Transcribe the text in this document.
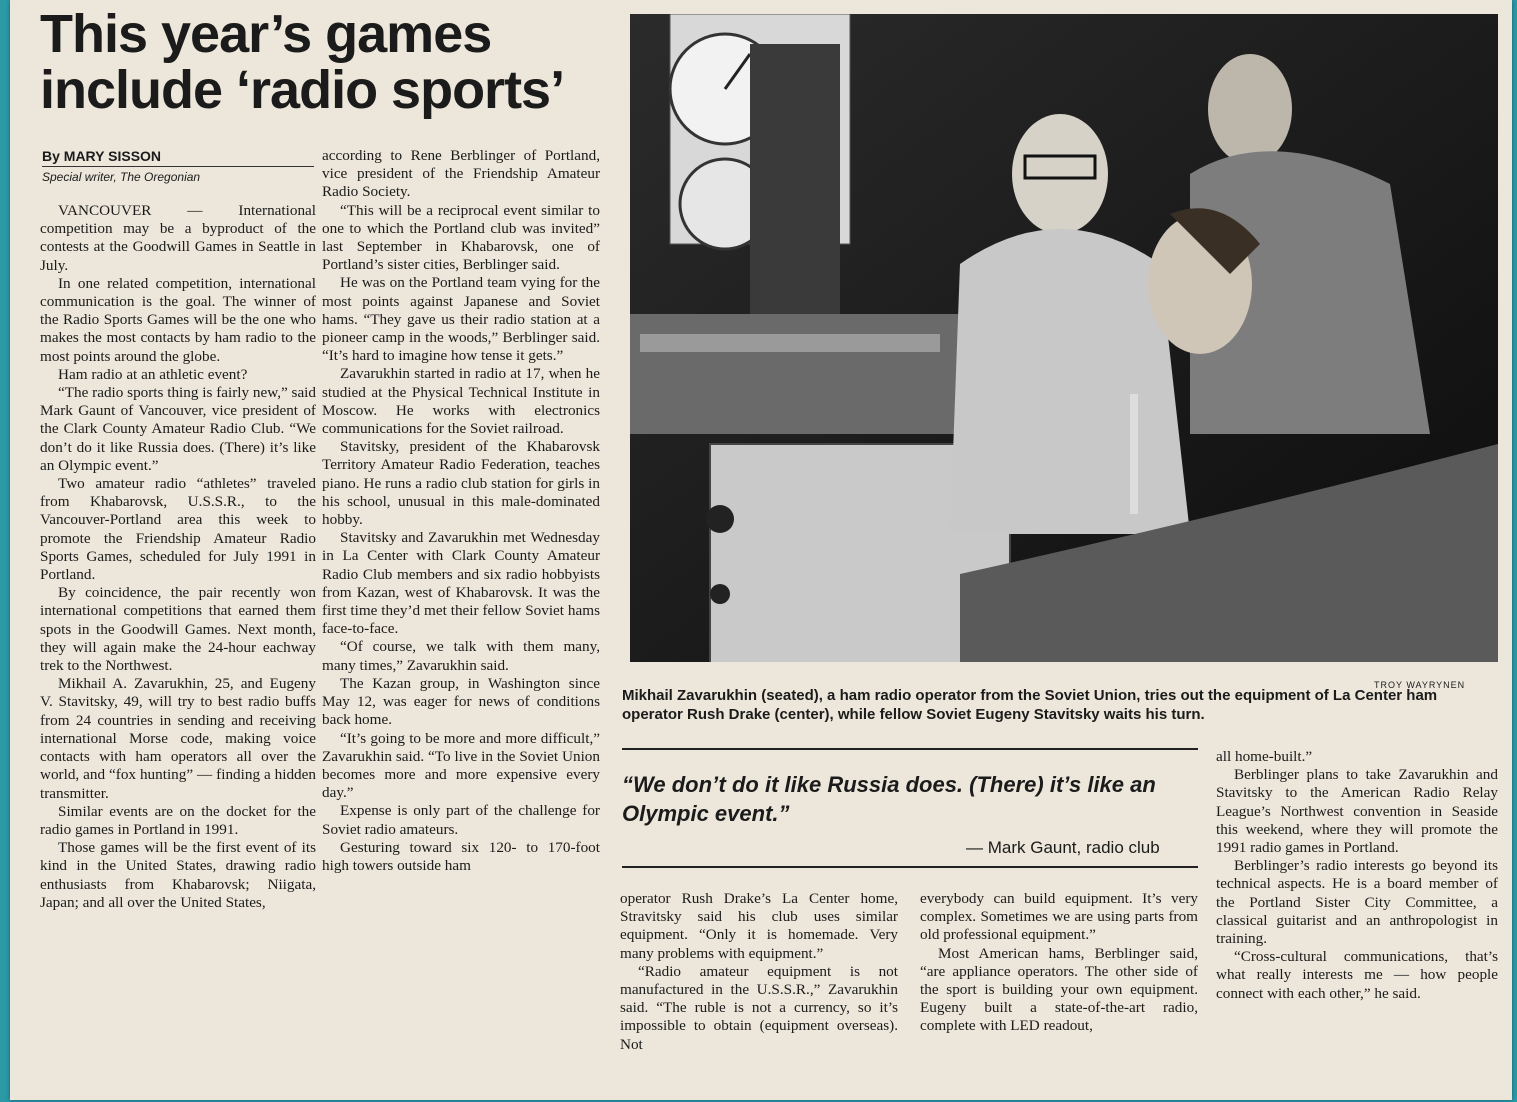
This year’s games
include ‘radio sports’
By MARY SISSON
Special writer, The Oregonian

VANCOUVER — International competition may be a byproduct of the contests at the Goodwill Games in Seattle in July.

In one related competition, international communication is the goal. The winner of the Radio Sports Games will be the one who makes the most contacts by ham radio to the most points around the globe.

Ham radio at an athletic event?

“The radio sports thing is fairly new,” said Mark Gaunt of Vancouver, vice president of the Clark County Amateur Radio Club. “We don’t do it like Russia does. (There) it’s like an Olympic event.”

Two amateur radio “athletes” traveled from Khabarovsk, U.S.S.R., to the Vancouver-Portland area this week to promote the Friendship Amateur Radio Sports Games, scheduled for July 1991 in Portland.

By coincidence, the pair recently won international competitions that earned them spots in the Goodwill Games. Next month, they will again make the 24-hour eachway trek to the Northwest.

Mikhail A. Zavarukhin, 25, and Eugeny V. Stavitsky, 49, will try to best radio buffs from 24 countries in sending and receiving international Morse code, making voice contacts with ham operators all over the world, and “fox hunting” — finding a hidden transmitter.

Similar events are on the docket for the radio games in Portland in 1991.

Those games will be the first event of its kind in the United States, drawing radio enthusiasts from Khabarovsk; Niigata, Japan; and all over the United States,

according to Rene Berblinger of Portland, vice president of the Friendship Amateur Radio Society.

“This will be a reciprocal event similar to one to which the Portland club was invited” last September in Khabarovsk, one of Portland’s sister cities, Berblinger said.

He was on the Portland team vying for the most points against Japanese and Soviet hams. “They gave us their radio station at a pioneer camp in the woods,” Berblinger said. “It’s hard to imagine how tense it gets.”

Zavarukhin started in radio at 17, when he studied at the Physical Technical Institute in Moscow. He works with electronics communications for the Soviet railroad.

Stavitsky, president of the Khabarovsk Territory Amateur Radio Federation, teaches piano. He runs a radio club station for girls in his school, unusual in this male-dominated hobby.

Stavitsky and Zavarukhin met Wednesday in La Center with Clark County Amateur Radio Club members and six radio hobbyists from Kazan, west of Khabarovsk. It was the first time they’d met their fellow Soviet hams face-to-face.

“Of course, we talk with them many, many times,” Zavarukhin said.

The Kazan group, in Washington since May 12, was eager for news of conditions back home.

“It’s going to be more and more difficult,” Zavarukhin said. “To live in the Soviet Union becomes more and more expensive every day.”

Expense is only part of the challenge for Soviet radio amateurs.

Gesturing toward six 120- to 170-foot high towers outside ham

TROY WAYRYNEN
Mikhail Zavarukhin (seated), a ham radio operator from the Soviet Union, tries out the equipment of La Center ham operator Rush Drake (center), while fellow Soviet Eugeny Stavitsky waits his turn.
“We don’t do it like Russia does. (There) it’s like an Olympic event.”
— Mark Gaunt, radio club

operator Rush Drake’s La Center home, Stravitsky said his club uses similar equipment. “Only it is homemade. Very many problems with equipment.”

“Radio amateur equipment is not manufactured in the U.S.S.R.,” Zavarukhin said. “The ruble is not a currency, so it’s impossible to obtain (equipment overseas). Not

everybody can build equipment. It’s very complex. Sometimes we are using parts from old professional equipment.”

Most American hams, Berblinger said, “are appliance operators. The other side of the sport is building your own equipment. Eugeny built a state-of-the-art radio, complete with LED readout,

all home-built.”

Berblinger plans to take Zavarukhin and Stavitsky to the American Radio Relay League’s Northwest convention in Seaside this weekend, where they will promote the 1991 radio games in Portland.

Berblinger’s radio interests go beyond its technical aspects. He is a board member of the Portland Sister City Committee, a classical guitarist and an anthropologist in training.

“Cross-cultural communications, that’s what really interests me — how people connect with each other,” he said.
